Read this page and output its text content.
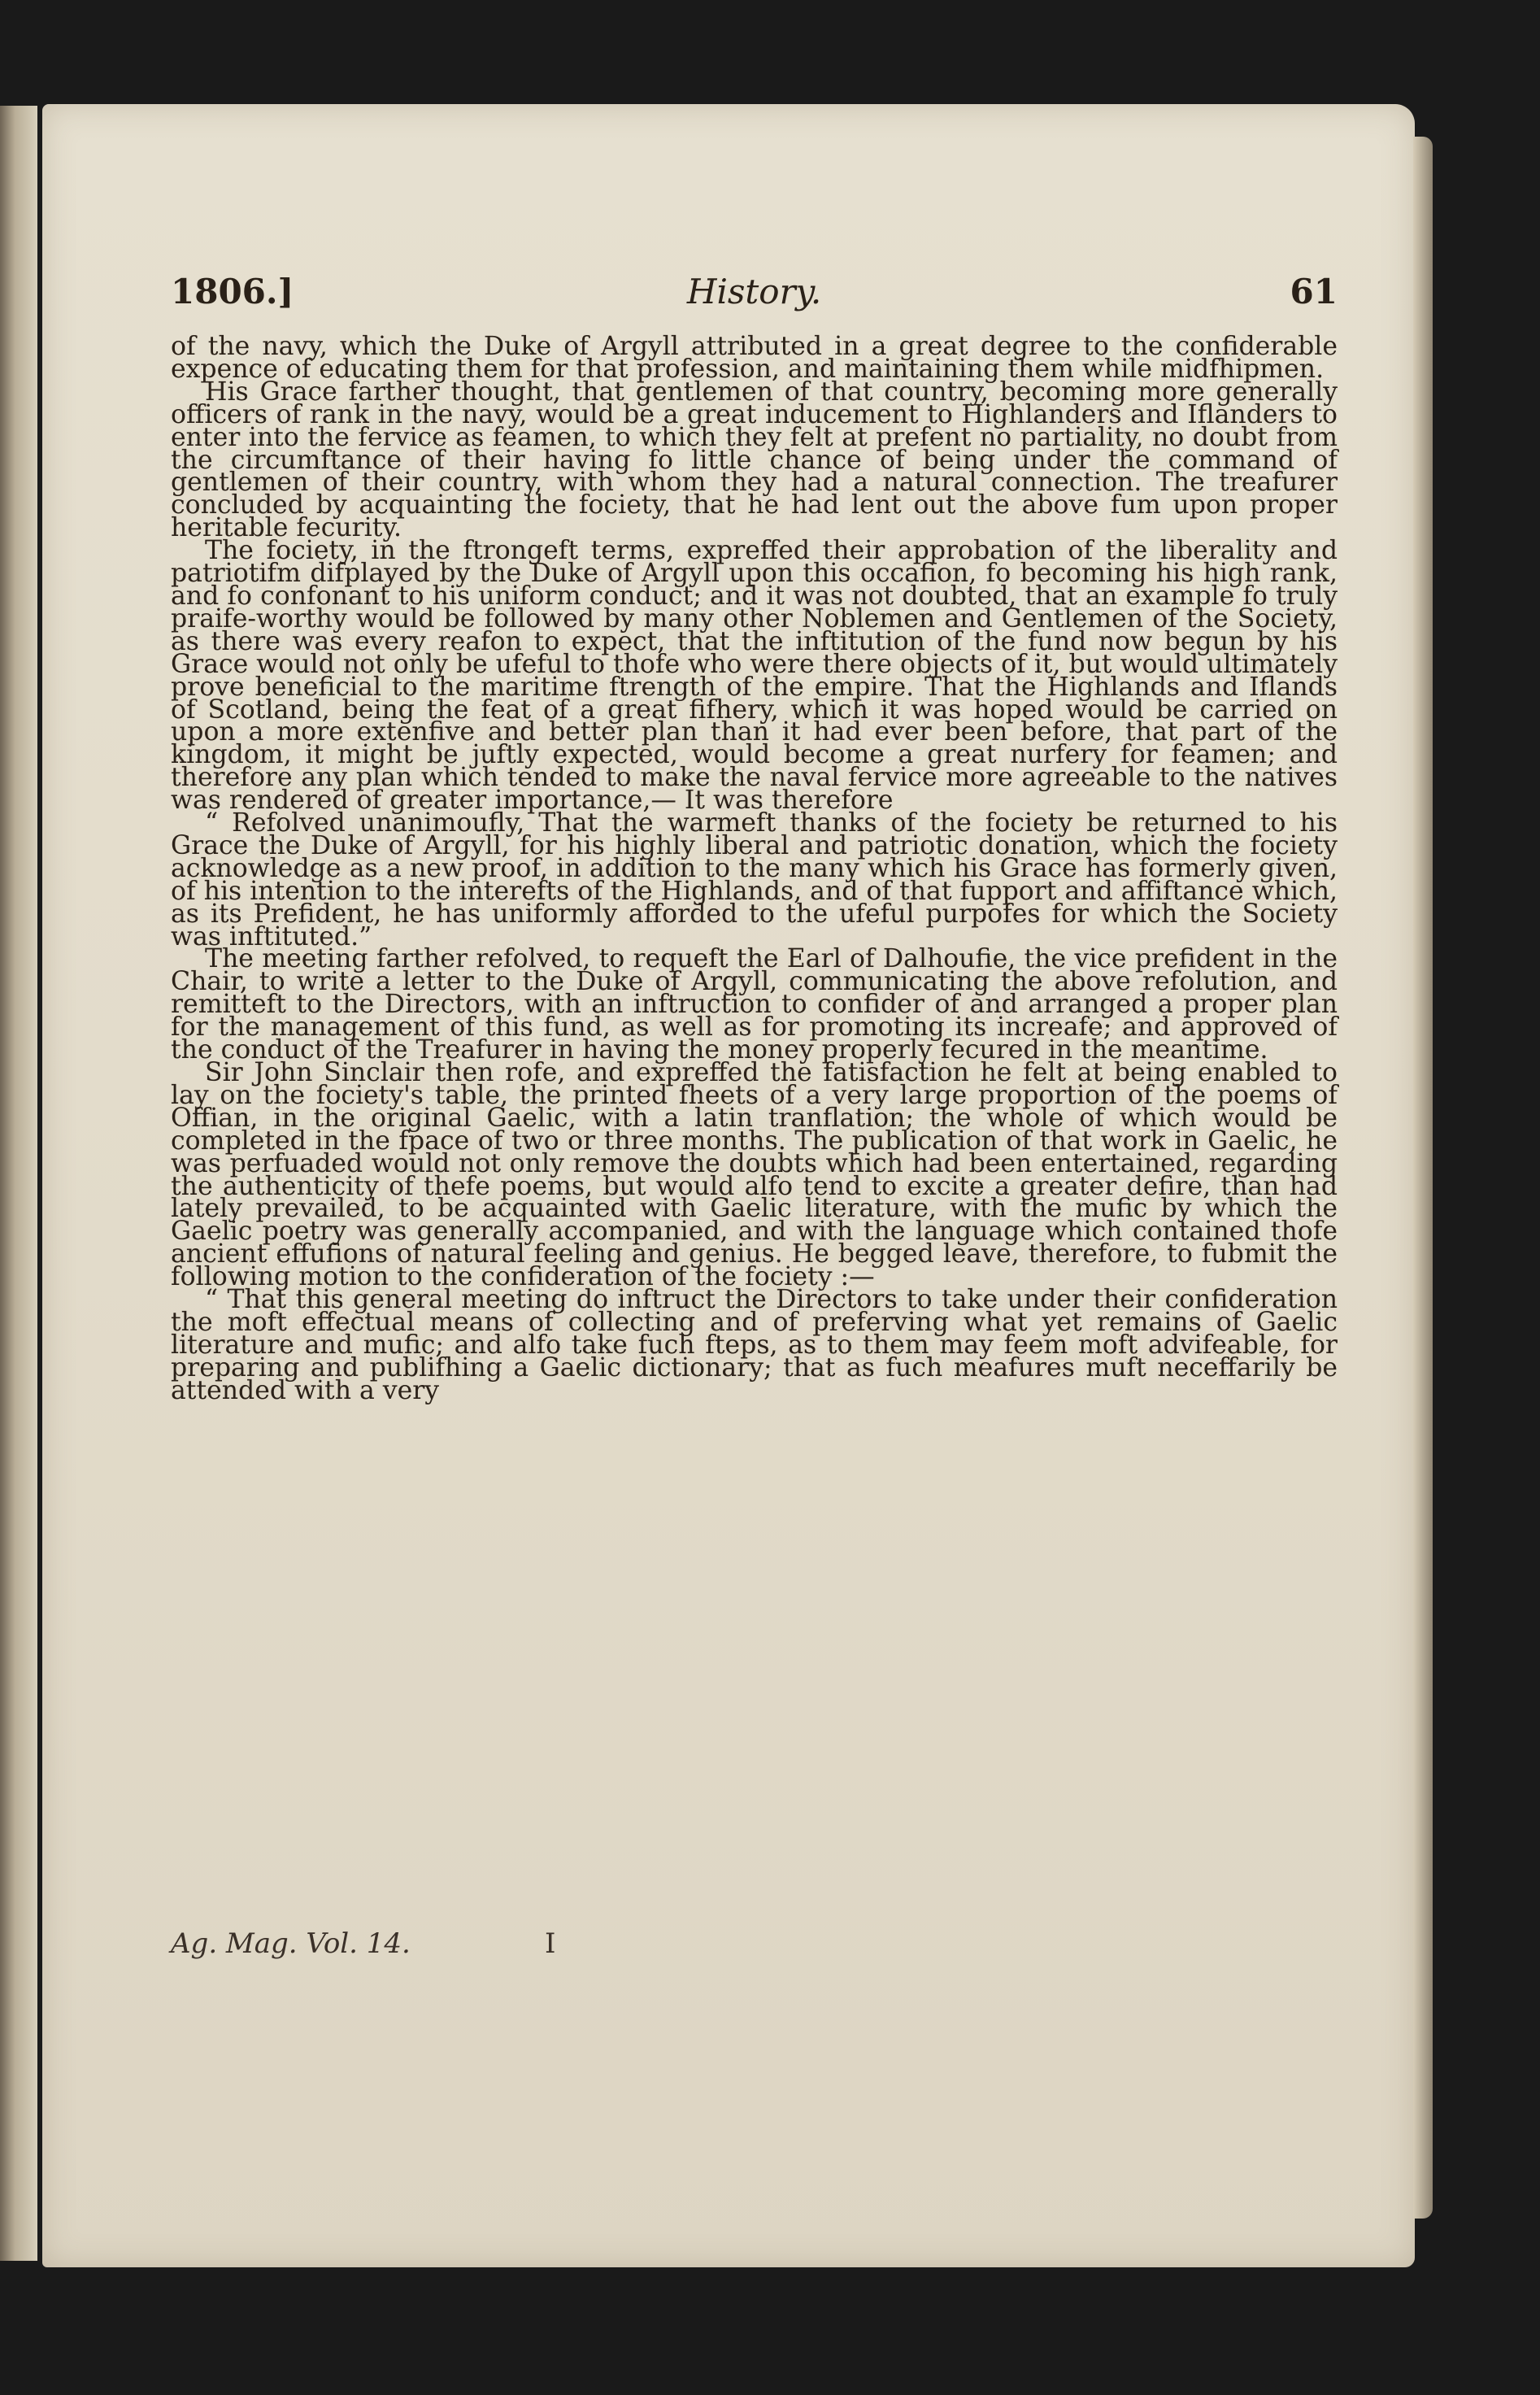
1806.]	History.	61

of the navy, which the Duke of Argyll attributed in a great degree to the confiderable expence of educating them for that profession, and maintaining them while midfhipmen.

His Grace farther thought, that gentlemen of that country, becoming more generally officers of rank in the navy, would be a great inducement to Highlanders and Iflanders to enter into the fervice as feamen, to which they felt at prefent no partiality, no doubt from the circumftance of their having fo little chance of being under the command of gentlemen of their country, with whom they had a natural connection. The treafurer concluded by acquainting the fociety, that he had lent out the above fum upon proper heritable fecurity.

The fociety, in the ftrongeft terms, expreffed their approbation of the liberality and patriotifm difplayed by the Duke of Argyll upon this occafion, fo becoming his high rank, and fo confonant to his uniform conduct; and it was not doubted, that an example fo truly praife-worthy would be followed by many other Noblemen and Gentlemen of the Society, as there was every reafon to expect, that the inftitution of the fund now begun by his Grace would not only be ufeful to thofe who were there objects of it, but would ultimately prove beneficial to the maritime ftrength of the empire. That the Highlands and Iflands of Scotland, being the feat of a great fifhery, which it was hoped would be carried on upon a more extenfive and better plan than it had ever been before, that part of the kingdom, it might be juftly expected, would become a great nurfery for feamen; and therefore any plan which tended to make the naval fervice more agreeable to the natives was rendered of greater importance,— It was therefore

“ Refolved unanimoufly, That the warmeft thanks of the fociety be returned to his Grace the Duke of Argyll, for his highly liberal and patriotic donation, which the fociety acknowledge as a new proof, in addition to the many which his Grace has formerly given, of his intention to the interefts of the Highlands, and of that fupport and affiftance which, as its Prefident, he has uniformly afforded to the ufeful purpofes for which the Society was inftituted.”

The meeting farther refolved, to requeft the Earl of Dalhoufie, the vice prefident in the Chair, to write a letter to the Duke of Argyll, communicating the above refolution, and remitteft to the Directors, with an inftruction to confider of and arranged a proper plan for the management of this fund, as well as for promoting its increafe; and approved of the conduct of the Treafurer in having the money properly fecured in the meantime.

Sir John Sinclair then rofe, and expreffed the fatisfaction he felt at being enabled to lay on the fociety's table, the printed fheets of a very large proportion of the poems of Offian, in the original Gaelic, with a latin tranflation; the whole of which would be completed in the fpace of two or three months. The publication of that work in Gaelic, he was perfuaded would not only remove the doubts which had been entertained, regarding the authenticity of thefe poems, but would alfo tend to excite a greater defire, than had lately prevailed, to be acquainted with Gaelic literature, with the mufic by which the Gaelic poetry was generally accompanied, and with the language which contained thofe ancient effufions of natural feeling and genius. He begged leave, therefore, to fubmit the following motion to the confideration of the fociety :—

“ That this general meeting do inftruct the Directors to take under their confideration the moft effectual means of collecting and of preferving what yet remains of Gaelic literature and mufic; and alfo take fuch fteps, as to them may feem moft advifeable, for preparing and publifhing a Gaelic dictionary; that as fuch meafures muft neceffarily be attended with a very

Ag. Mag. Vol. 14.	I
